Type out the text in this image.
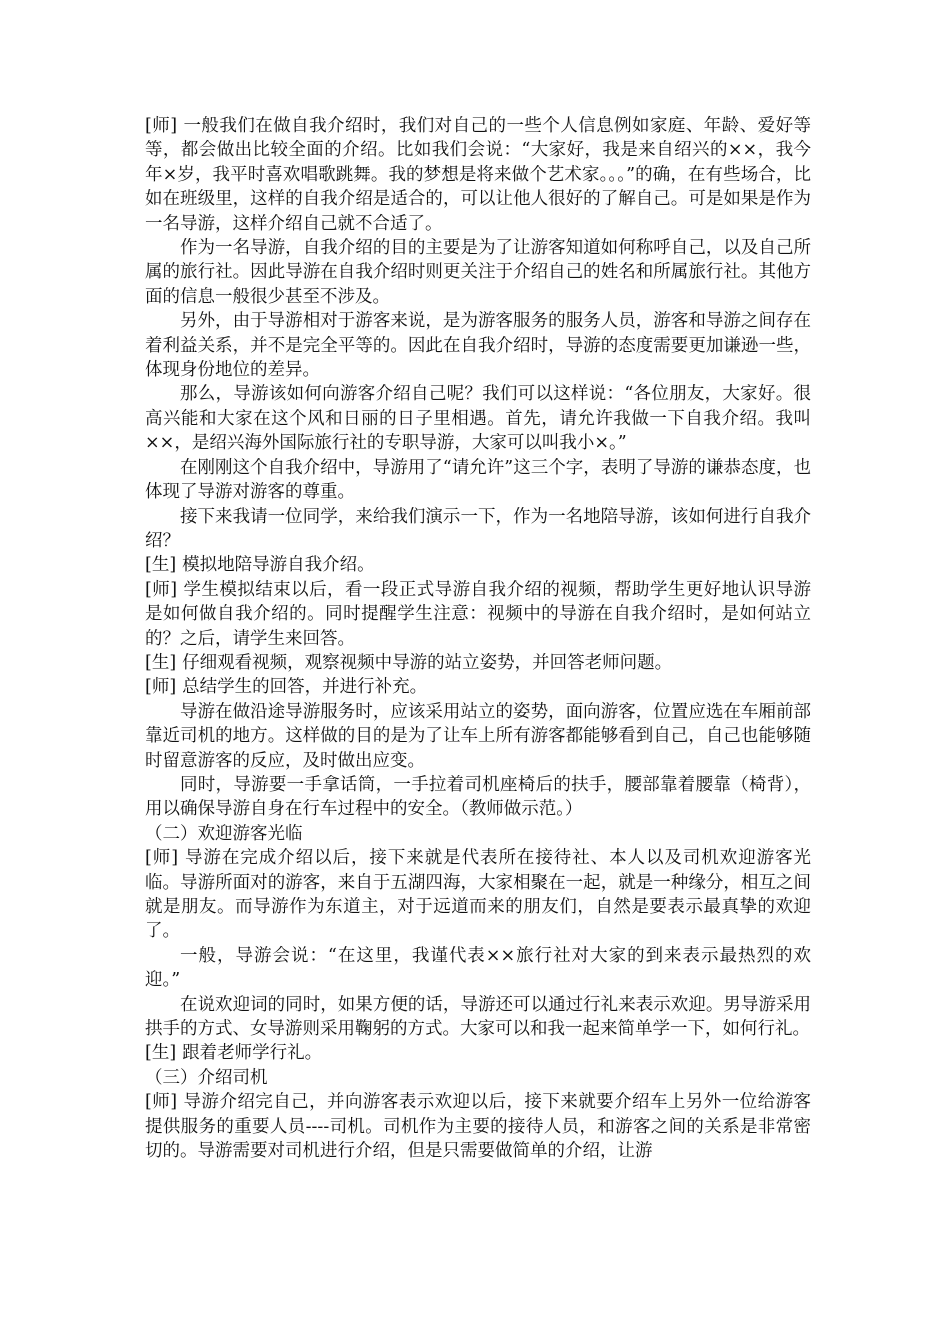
[师] 一般我们在做自我介绍时，我们对自己的一些个人信息例如家庭、年龄、爱好等等，都会做出比较全面的介绍。比如我们会说：“大家好，我是来自绍兴的××，我今年×岁，我平时喜欢唱歌跳舞。我的梦想是将来做个艺术家。。。”的确，在有些场合，比如在班级里，这样的自我介绍是适合的，可以让他人很好的了解自己。可是如果是作为一名导游，这样介绍自己就不合适了。

作为一名导游，自我介绍的目的主要是为了让游客知道如何称呼自己，以及自己所属的旅行社。因此导游在自我介绍时则更关注于介绍自己的姓名和所属旅行社。其他方面的信息一般很少甚至不涉及。

另外，由于导游相对于游客来说，是为游客服务的服务人员，游客和导游之间存在着利益关系，并不是完全平等的。因此在自我介绍时，导游的态度需要更加谦逊一些，体现身份地位的差异。

那么，导游该如何向游客介绍自己呢？我们可以这样说：“各位朋友，大家好。很高兴能和大家在这个风和日丽的日子里相遇。首先，请允许我做一下自我介绍。我叫××，是绍兴海外国际旅行社的专职导游，大家可以叫我小×。”

在刚刚这个自我介绍中，导游用了“请允许”这三个字，表明了导游的谦恭态度，也体现了导游对游客的尊重。

接下来我请一位同学，来给我们演示一下，作为一名地陪导游，该如何进行自我介绍？

[生] 模拟地陪导游自我介绍。

[师] 学生模拟结束以后，看一段正式导游自我介绍的视频，帮助学生更好地认识导游是如何做自我介绍的。同时提醒学生注意：视频中的导游在自我介绍时，是如何站立的？之后，请学生来回答。

[生] 仔细观看视频，观察视频中导游的站立姿势，并回答老师问题。

[师] 总结学生的回答，并进行补充。

导游在做沿途导游服务时，应该采用站立的姿势，面向游客，位置应选在车厢前部靠近司机的地方。这样做的目的是为了让车上所有游客都能够看到自己，自己也能够随时留意游客的反应，及时做出应变。

同时，导游要一手拿话筒，一手拉着司机座椅后的扶手，腰部靠着腰靠（椅背），用以确保导游自身在行车过程中的安全。（教师做示范。）

（二）欢迎游客光临

[师] 导游在完成介绍以后，接下来就是代表所在接待社、本人以及司机欢迎游客光临。导游所面对的游客，来自于五湖四海，大家相聚在一起，就是一种缘分，相互之间就是朋友。而导游作为东道主，对于远道而来的朋友们，自然是要表示最真挚的欢迎了。

一般，导游会说：“在这里，我谨代表××旅行社对大家的到来表示最热烈的欢迎。”

在说欢迎词的同时，如果方便的话，导游还可以通过行礼来表示欢迎。男导游采用拱手的方式、女导游则采用鞠躬的方式。大家可以和我一起来简单学一下，如何行礼。

[生] 跟着老师学行礼。

（三）介绍司机

[师] 导游介绍完自己，并向游客表示欢迎以后，接下来就要介绍车上另外一位给游客提供服务的重要人员----司机。司机作为主要的接待人员，和游客之间的关系是非常密切的。导游需要对司机进行介绍，但是只需要做简单的介绍，让游
